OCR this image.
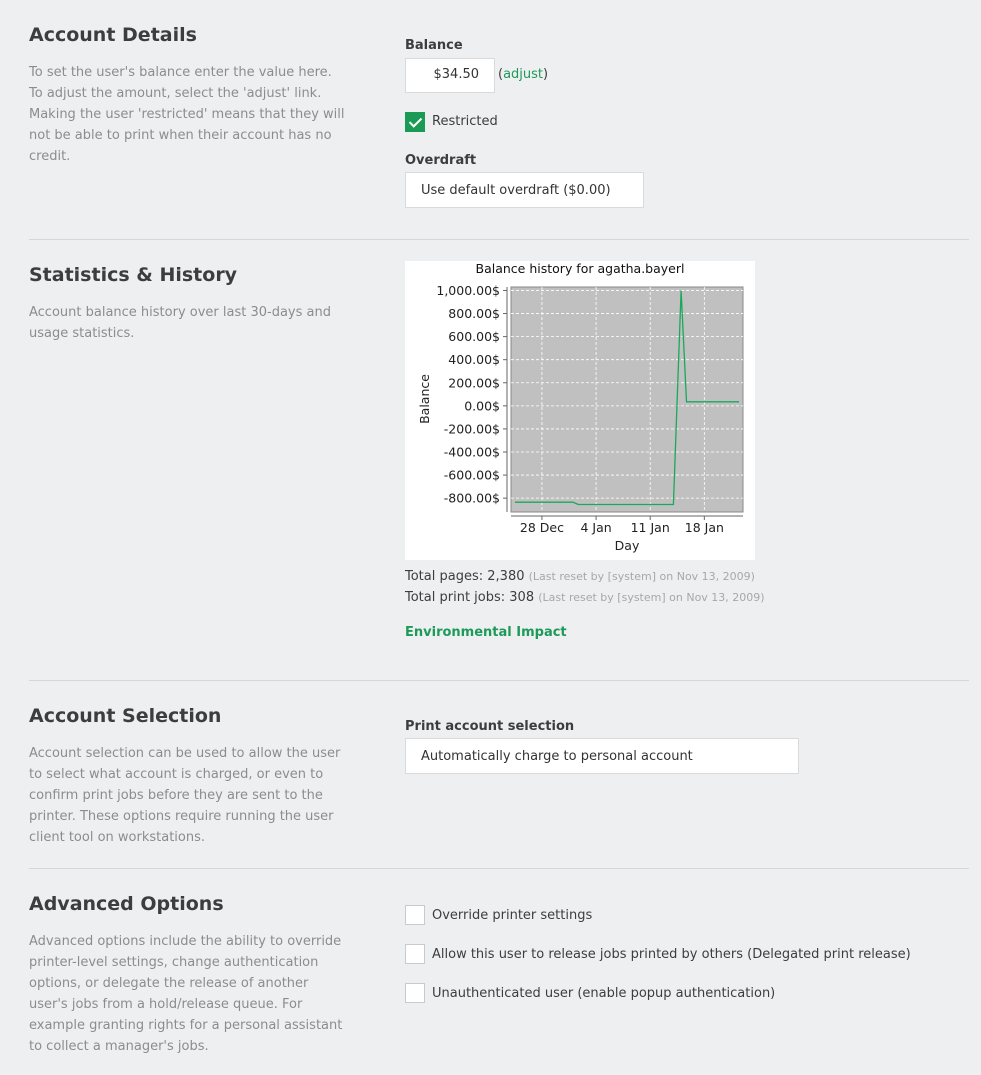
Account Details

To set the user's balance enter the value here. To adjust the amount, select the 'adjust' link. Making the user 'restricted' means that they will not be able to print when their account has no credit.

Balance
$34.50	(adjust)
Restricted
Overdraft
Use default overdraft ($0.00)
Statistics & History

Account balance history over last 30-days and usage statistics.

Balance history for agatha.bayerl
1,000.00$
800.00$
600.00$
400.00$
200.00$
0.00$
-200.00$
-400.00$
-600.00$
-800.00$
28 Dec 4 Jan 11 Jan 18 Jan
Day
Balance
Total pages: 2,380 (Last reset by [system] on Nov 13, 2009)
Total print jobs: 308 (Last reset by [system] on Nov 13, 2009)
Environmental Impact
Account Selection

Account selection can be used to allow the user to select what account is charged, or even to confirm print jobs before they are sent to the printer. These options require running the user client tool on workstations.

Print account selection
Automatically charge to personal account
Advanced Options

Advanced options include the ability to override printer-level settings, change authentication options, or delegate the release of another user's jobs from a hold/release queue. For example granting rights for a personal assistant to collect a manager's jobs.

Override printer settings
Allow this user to release jobs printed by others (Delegated print release)
Unauthenticated user (enable popup authentication)
